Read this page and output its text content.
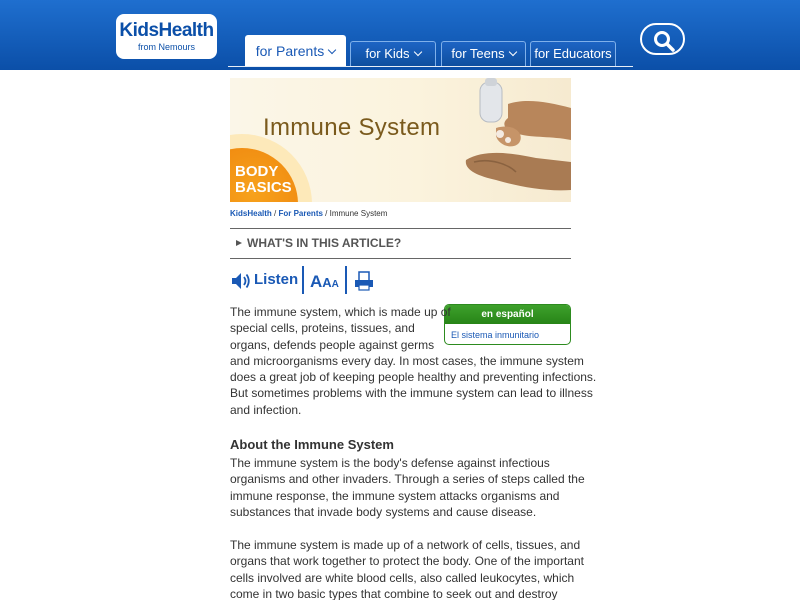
KidsHealth
from Nemours	for Parents	for Kids	for Teens	for Educators
BODY
BASICS
Immune System
KidsHealth / For Parents / Immune System
WHAT'S IN THIS ARTICLE?
Listen AAA
en español
El sistema inmunitario
The immune system, which is made up of
special cells, proteins, tissues, and
organs, defends people against germs
and microorganisms every day. In most cases, the immune system
does a great job of keeping people healthy and preventing infections.
But sometimes problems with the immune system can lead to illness
and infection.
About the Immune System
The immune system is the body's defense against infectious
organisms and other invaders. Through a series of steps called the
immune response, the immune system attacks organisms and
substances that invade body systems and cause disease.
The immune system is made up of a network of cells, tissues, and
organs that work together to protect the body. One of the important
cells involved are white blood cells, also called leukocytes, which
come in two basic types that combine to seek out and destroy
